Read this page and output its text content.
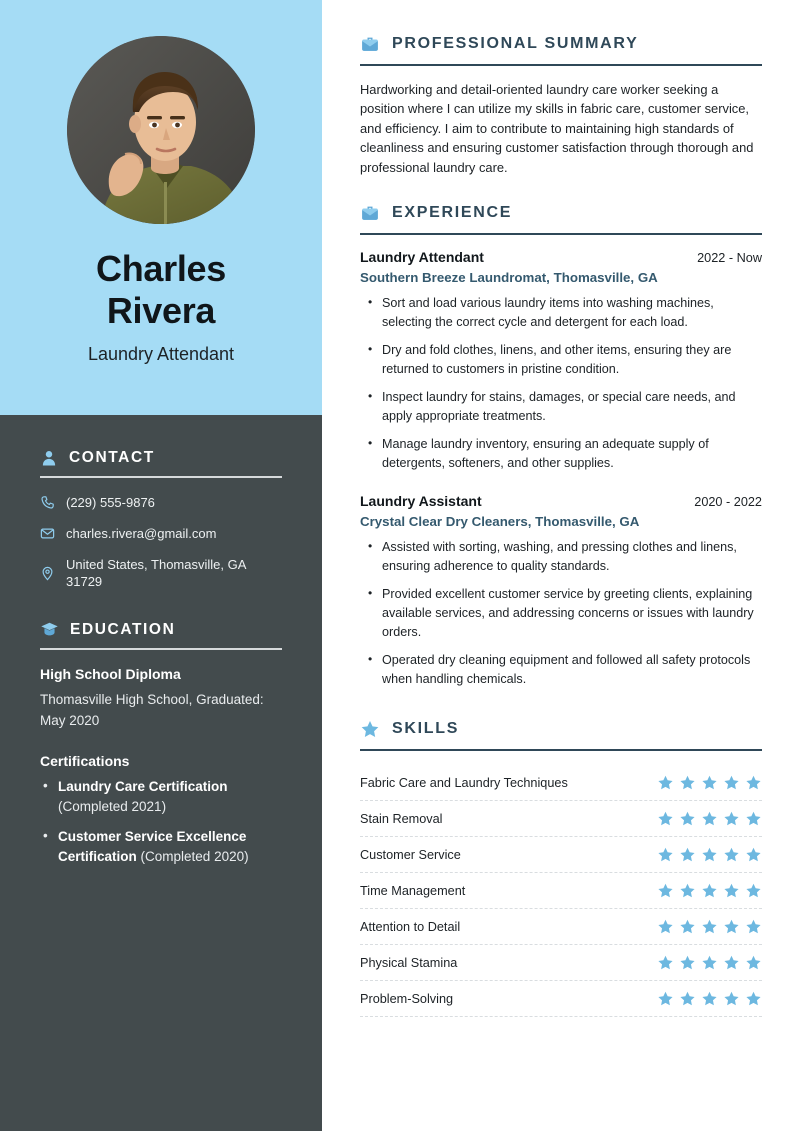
Charles
Rivera
Laundry Attendant
CONTACT
(229) 555-9876
charles.rivera@gmail.com
United States, Thomasville, GA 31729
EDUCATION
High School Diploma
Thomasville High School, Graduated: May 2020
Certifications
• Laundry Care Certification (Completed 2021)
• Customer Service Excellence Certification (Completed 2020)
PROFESSIONAL SUMMARY

Hardworking and detail-oriented laundry care worker seeking a position where I can utilize my skills in fabric care, customer service, and efficiency. I aim to contribute to maintaining high standards of cleanliness and ensuring customer satisfaction through thorough and professional laundry care.

EXPERIENCE
Laundry Attendant	2022 - Now
Southern Breeze Laundromat, Thomasville, GA
• Sort and load various laundry items into washing machines, selecting the correct cycle and detergent for each load.
• Dry and fold clothes, linens, and other items, ensuring they are returned to customers in pristine condition.
• Inspect laundry for stains, damages, or special care needs, and apply appropriate treatments.
• Manage laundry inventory, ensuring an adequate supply of detergents, softeners, and other supplies.
Laundry Assistant	2020 - 2022
Crystal Clear Dry Cleaners, Thomasville, GA
• Assisted with sorting, washing, and pressing clothes and linens, ensuring adherence to quality standards.
• Provided excellent customer service by greeting clients, explaining available services, and addressing concerns or issues with laundry orders.
• Operated dry cleaning equipment and followed all safety protocols when handling chemicals.
SKILLS
Fabric Care and Laundry Techniques
Stain Removal
Customer Service
Time Management
Attention to Detail
Physical Stamina
Problem-Solving
